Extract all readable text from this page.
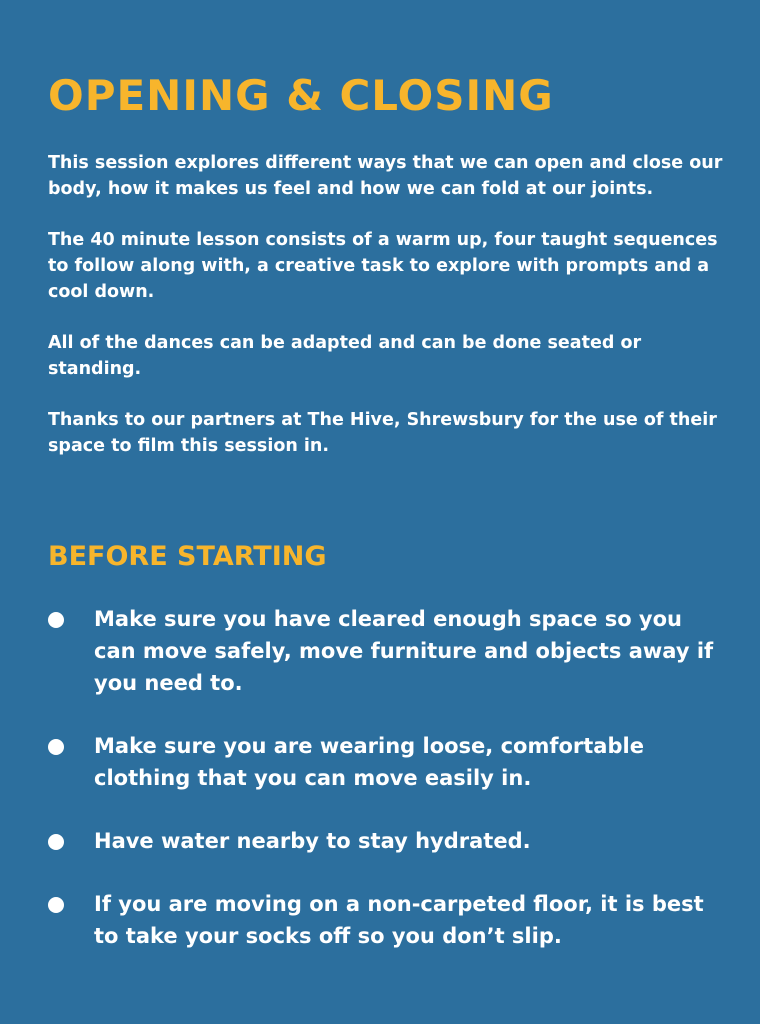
OPENING & CLOSING

This session explores different ways that we can open and close our body, how it makes us feel and how we can fold at our joints.

The 40 minute lesson consists of a warm up, four taught sequences to follow along with, a creative task to explore with prompts and a cool down.

All of the dances can be adapted and can be done seated or standing.

Thanks to our partners at The Hive, Shrewsbury for the use of their space to film this session in.

BEFORE STARTING
Make sure you have cleared enough space so you can move safely, move furniture and objects away if you need to.
Make sure you are wearing loose, comfortable clothing that you can move easily in.
Have water nearby to stay hydrated.
If you are moving on a non-carpeted floor, it is best to take your socks off so you don’t slip.
